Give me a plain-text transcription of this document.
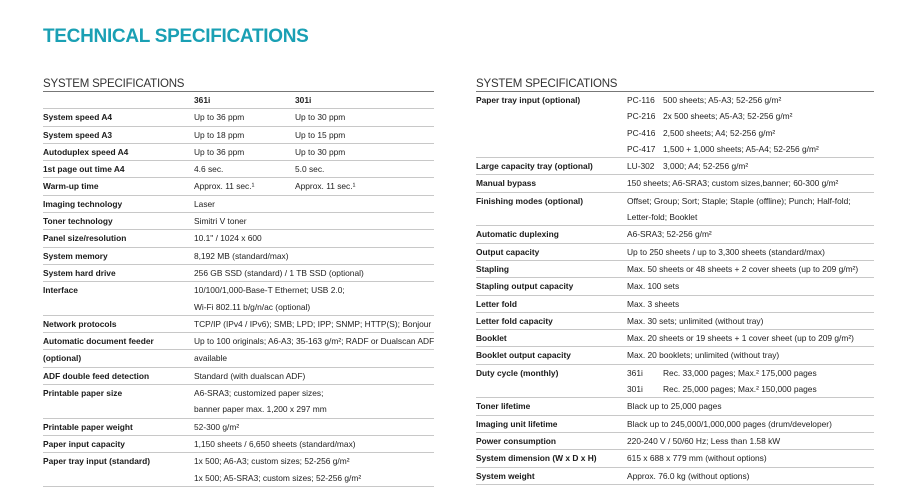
TECHNICAL SPECIFICATIONS
SYSTEM SPECIFICATIONS
	361i	301i
System speed A4	Up to 36 ppm	Up to 30 ppm
System speed A3	Up to 18 ppm	Up to 15 ppm
Autoduplex speed A4	Up to 36 ppm	Up to 30 ppm
1st page out time A4	4.6 sec.	5.0 sec.
Warm-up time	Approx. 11 sec.¹	Approx. 11 sec.¹
Imaging technology	Laser	
Toner technology	Simitri V toner	
Panel size/resolution	10.1" / 1024 x 600	
System memory	8,192 MB (standard/max)	
System hard drive	256 GB SSD (standard) / 1 TB SSD (optional)	
Interface	10/100/1,000-Base-T Ethernet; USB 2.0;	
	Wi-Fi 802.11 b/g/n/ac (optional)	
Network protocols	TCP/IP (IPv4 / IPv6); SMB; LPD; IPP; SNMP; HTTP(S); Bonjour	
Automatic document feeder	Up to 100 originals; A6-A3; 35-163 g/m²; RADF or Dualscan ADF	
(optional)	available	
ADF double feed detection	Standard (with dualscan ADF)	
Printable paper size	A6-SRA3; customized paper sizes;	
	banner paper max. 1,200 x 297 mm	
Printable paper weight	52-300 g/m²	
Paper input capacity	1,150 sheets / 6,650 sheets (standard/max)	
Paper tray input (standard)	1x 500; A6-A3; custom sizes; 52-256 g/m²	
	1x 500; A5-SRA3; custom sizes; 52-256 g/m²	
SYSTEM SPECIFICATIONS
Paper tray input (optional)	PC-116 500 sheets; A5-A3; 52-256 g/m²
	PC-216 2x 500 sheets; A5-A3; 52-256 g/m²
	PC-416 2,500 sheets; A4; 52-256 g/m²
	PC-417 1,500 + 1,000 sheets; A5-A4; 52-256 g/m²
Large capacity tray (optional)	LU-302 3,000; A4; 52-256 g/m²
Manual bypass	150 sheets; A6-SRA3; custom sizes,banner; 60-300 g/m²
Finishing modes (optional)	Offset; Group; Sort; Staple; Staple (offline); Punch; Half-fold;
	Letter-fold; Booklet
Automatic duplexing	A6-SRA3; 52-256 g/m²
Output capacity	Up to 250 sheets / up to 3,300 sheets (standard/max)
Stapling	Max. 50 sheets or 48 sheets + 2 cover sheets (up to 209 g/m²)
Stapling output capacity	Max. 100 sets
Letter fold	Max. 3 sheets
Letter fold capacity	Max. 30 sets; unlimited (without tray)
Booklet	Max. 20 sheets or 19 sheets + 1 cover sheet (up to 209 g/m²)
Booklet output capacity	Max. 20 booklets; unlimited (without tray)
Duty cycle (monthly)	361i Rec. 33,000 pages; Max.² 175,000 pages
	301i Rec. 25,000 pages; Max.² 150,000 pages
Toner lifetime	Black up to 25,000 pages
Imaging unit lifetime	Black up to 245,000/1,000,000 pages (drum/developer)
Power consumption	220-240 V / 50/60 Hz; Less than 1.58 kW
System dimension (W x D x H)	615 x 688 x 779 mm (without options)
System weight	Approx. 76.0 kg (without options)
